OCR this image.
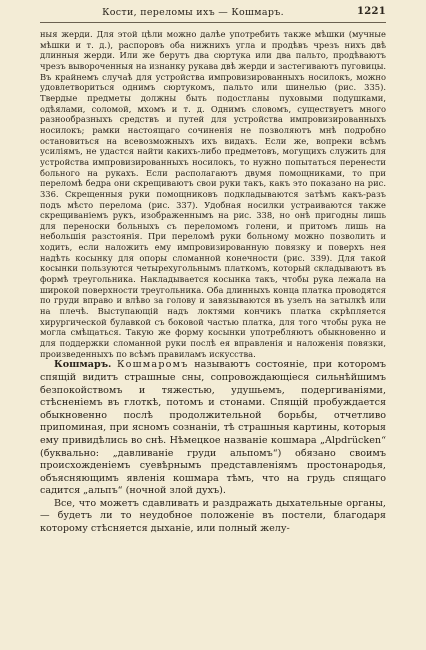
Кости, переломы ихъ — Кошмаръ.	1221

ныя жерди. Для этой цѣли можно далѣе употребить также мѣшки (мучные мѣшки и т. д.), распоровъ оба нижнихъ угла и продѣвъ чрезъ нихъ двѣ длинныя жерди. Или же берутъ два сюртука или два пальто, продѣваютъ чрезъ вывороченныя на изнанку рукава двѣ жерди и застегиваютъ пуговицы. Въ крайнемъ случаѣ для устройства импровизированныхъ носилокъ, можно удовлетвориться однимъ сюртукомъ, пальто или шинелью (рис. 335). Твердые предметы должны быть подостланы пуховыми подушками, одѣялами, соломой, мхомъ и т. д. Однимъ словомъ, существуетъ много разнообразныхъ средствъ и путей для устройства импровизированныхъ носилокъ; рамки настоящаго сочиненія не позволяютъ мнѣ подробно остановиться на всевозможныхъ ихъ видахъ. Если же, вопреки всѣмъ усиліямъ, не удастся найти какихъ-либо предметовъ, могущихъ служить для устройства импровизированныхъ носилокъ, то нужно попытаться перенести больного на рукахъ. Если располагаютъ двумя помощниками, то при переломѣ бедра они скрещиваютъ свои руки такъ, какъ это показано на рис. 336. Скрещенныя руки помощниковъ подкладываются затѣмъ какъ-разъ подъ мѣсто перелома (рис. 337). Удобная носилки устраиваются также скрещиваніемъ рукъ, изображеннымъ на рис. 338, но онѣ пригодны лишь для переноски больныхъ съ переломомъ голени, и притомъ лишь на небольшія разстоянія. При переломѣ руки больному можно позволить и ходить, если наложить ему импровизированную повязку и поверхъ нея надѣть косынку для опоры сломанной конечности (рис. 339). Для такой косынки пользуются четырехугольнымъ платкомъ, который складываютъ въ формѣ треугольника. Накладывается косынка такъ, чтобы рука лежала на широкой поверхности треугольника. Оба длинныхъ конца платка проводятся по груди вправо и влѣво за голову и завязываются въ узелъ на затылкѣ или на плечѣ. Выступающій надъ локтями кончикъ платка скрѣпляется хирургической булавкой съ боковой частью платка, для того чтобы рука не могла смѣщаться. Такую же форму косынки употребляютъ обыкновенно и для поддержки сломанной руки послѣ ея вправленія и наложенія повязки, произведенныхъ по всѣмъ правиламъ искусства.

Кошмаръ. Кошмаромъ называютъ состояніе, при которомъ спящій видитъ страшные сны, сопровождающіеся сильнѣйшимъ безпокойствомъ и тяжестью, удушьемъ, подергиваніями, стѣсненіемъ въ глоткѣ, потомъ и стонами. Спящій пробуждается обыкновенно послѣ продолжительной борьбы, отчетливо припоминая, при ясномъ сознаніи, тѣ страшныя картины, которыя ему привидѣлись во снѣ. Нѣмецкое названіе кошмара „Alpdrücken“ (буквально: „давливаніе груди альпомъ“) обязано своимъ происхожденіемъ суевѣрнымъ представленіямъ простонародья, объясняющимъ явленія кошмара тѣмъ, что на грудь спящаго садится „альпъ“ (ночной злой духъ).

Все, что можетъ сдавливать и раздражать дыхательные органы, — будетъ ли то неудобное положеніе въ постели, благодаря которому стѣсняется дыханіе, или полный желу-
